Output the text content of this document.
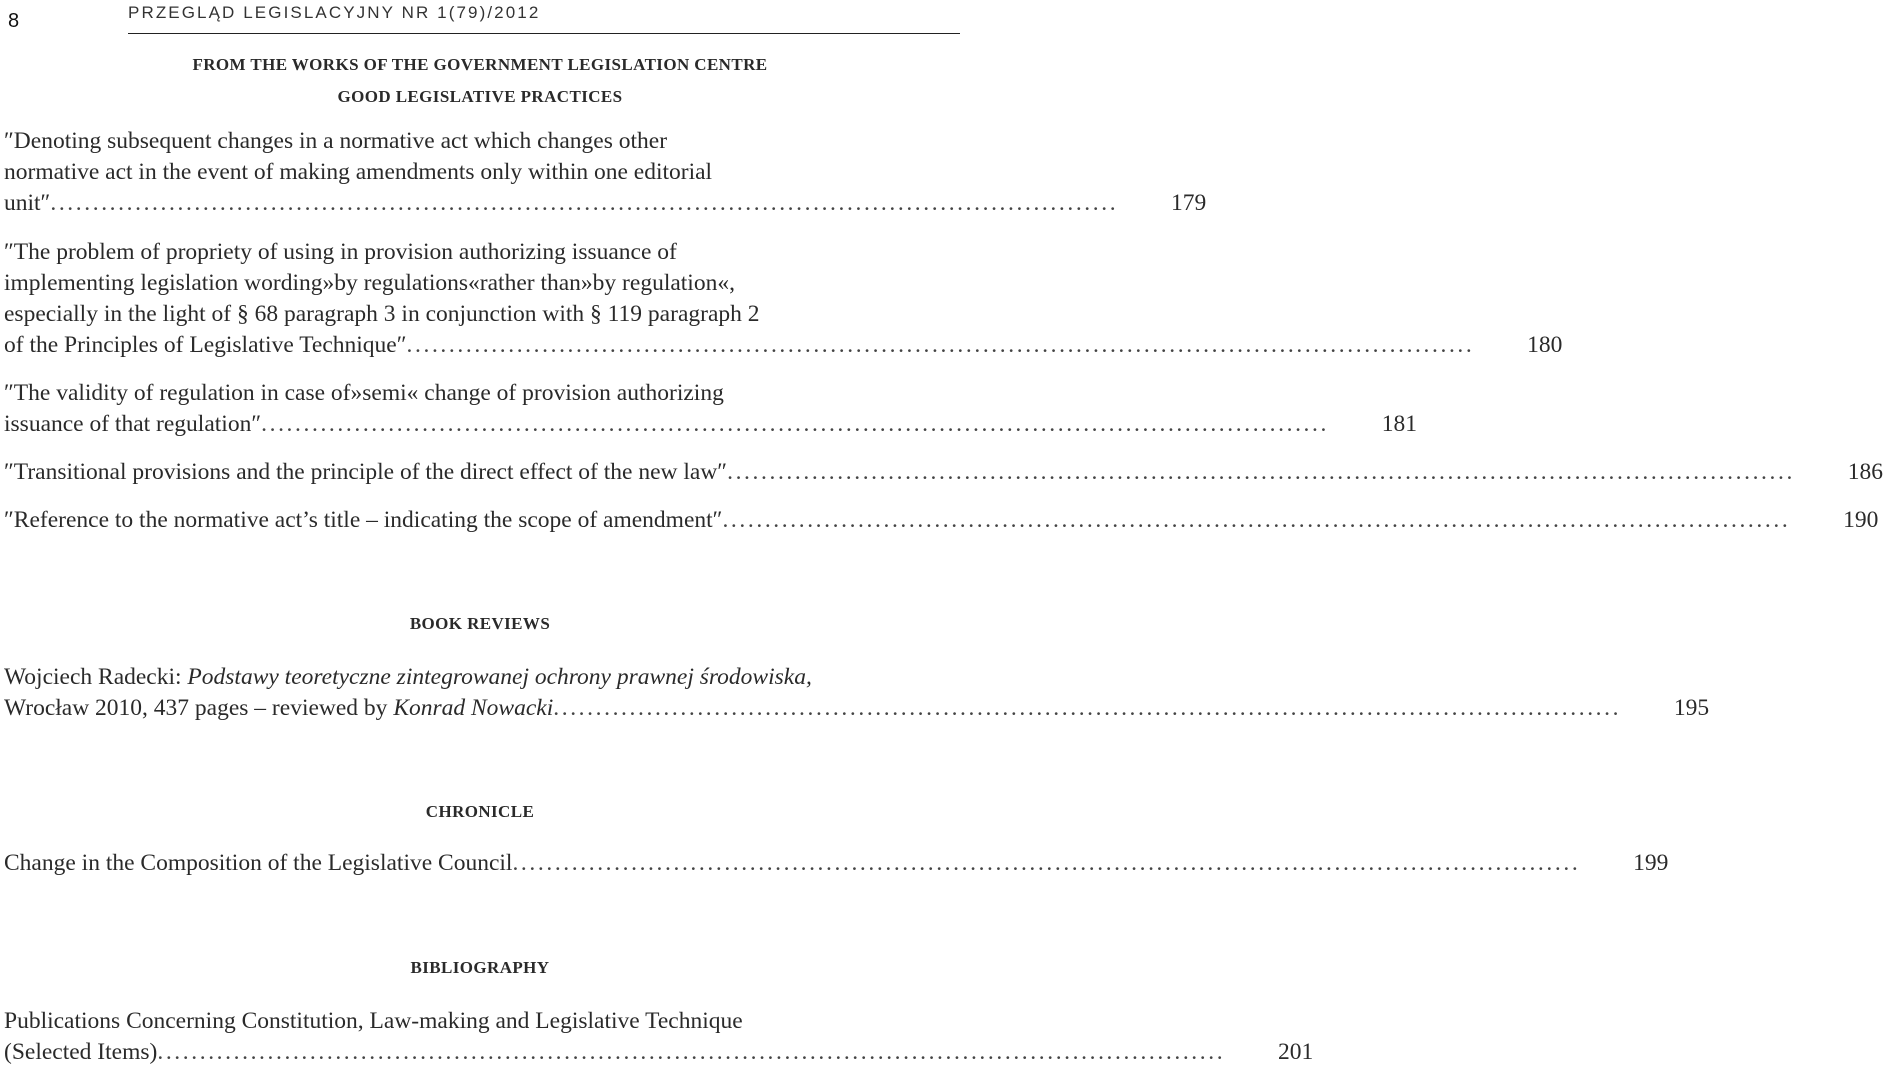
8	PRZEGLĄD LEGISLACYJNY NR 1(79)/2012
FROM THE WORKS OF THE GOVERNMENT LEGISLATION CENTRE
GOOD LEGISLATIVE PRACTICES
″Denoting subsequent changes in a normative act which changes other
normative act in the event of making amendments only within one editorial
unit″ ..............................................................................................................................	179
″The problem of propriety of using in provision authorizing issuance of
implementing legislation wording»by regulations«rather than»by regulation«,
especially in the light of § 68 paragraph 3 in conjunction with § 119 paragraph 2
of the Principles of Legislative Technique″ ..............................................................................................................................	180
″The validity of regulation in case of»semi« change of provision authorizing
issuance of that regulation″ ..............................................................................................................................	181
″Transitional provisions and the principle of the direct effect of the new law″ ..............................................................................................................................	186
″Reference to the normative act’s title – indicating the scope of amendment″ ..............................................................................................................................	190
BOOK REVIEWS
Wojciech Radecki: Podstawy teoretyczne zintegrowanej ochrony prawnej środowiska,
Wrocław 2010, 437 pages – reviewed by Konrad Nowacki ..............................................................................................................................	195
CHRONICLE
Change in the Composition of the Legislative Council ..............................................................................................................................	199
BIBLIOGRAPHY
Publications Concerning Constitution, Law-making and Legislative Technique
(Selected Items) ..............................................................................................................................	201
